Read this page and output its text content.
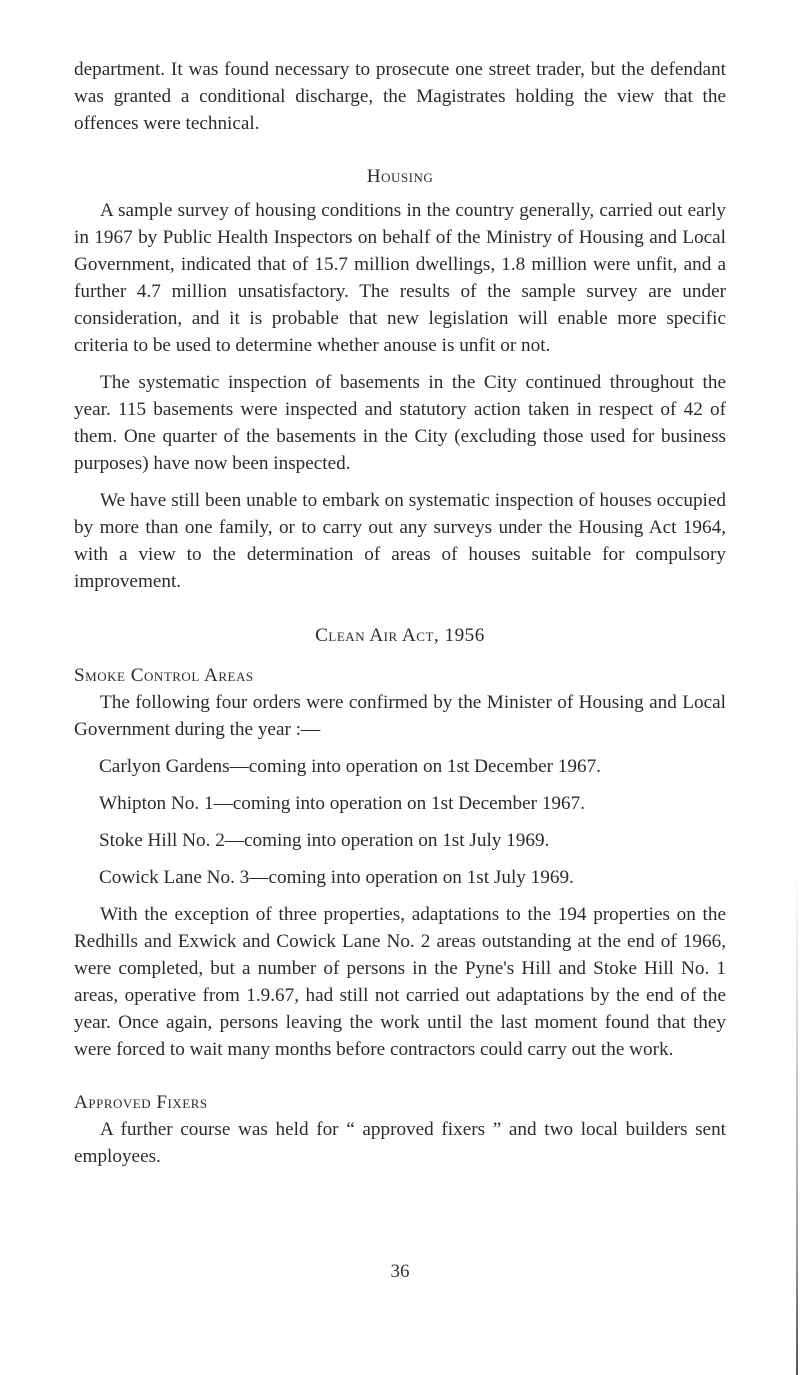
department. It was found necessary to prosecute one street trader, but the defendant was granted a conditional discharge, the Magistrates holding the view that the offences were technical.

Housing

A sample survey of housing conditions in the country generally, carried out early in 1967 by Public Health Inspectors on behalf of the Ministry of Housing and Local Government, indicated that of 15.7 million dwellings, 1.8 million were unfit, and a further 4.7 million unsatisfactory. The results of the sample survey are under consideration, and it is probable that new legislation will enable more specific criteria to be used to determine whether anouse is unfit or not.

The systematic inspection of basements in the City continued throughout the year. 115 basements were inspected and statutory action taken in respect of 42 of them. One quarter of the basements in the City (excluding those used for business purposes) have now been inspected.

We have still been unable to embark on systematic inspection of houses occupied by more than one family, or to carry out any surveys under the Housing Act 1964, with a view to the determination of areas of houses suitable for compulsory improvement.

Clean Air Act, 1956

Smoke Control Areas

The following four orders were confirmed by the Minister of Housing and Local Government during the year :—

Carlyon Gardens—coming into operation on 1st December 1967.

Whipton No. 1—coming into operation on 1st December 1967.

Stoke Hill No. 2—coming into operation on 1st July 1969.

Cowick Lane No. 3—coming into operation on 1st July 1969.

With the exception of three properties, adaptations to the 194 properties on the Redhills and Exwick and Cowick Lane No. 2 areas outstanding at the end of 1966, were completed, but a number of persons in the Pyne's Hill and Stoke Hill No. 1 areas, operative from 1.9.67, had still not carried out adaptations by the end of the year. Once again, persons leaving the work until the last moment found that they were forced to wait many months before contractors could carry out the work.

Approved Fixers

A further course was held for “ approved fixers ” and two local builders sent employees.

36
